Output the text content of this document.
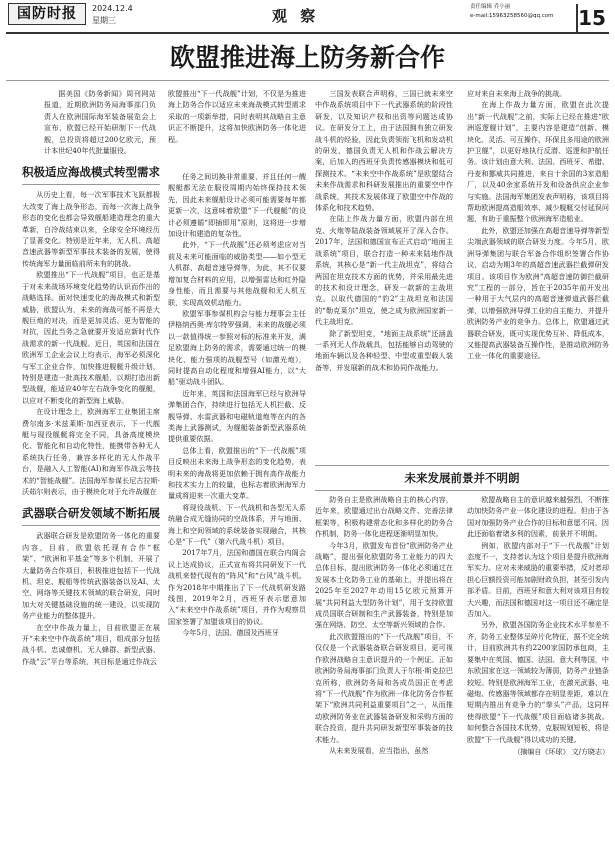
国防时报	2024.12.4
星期三	观 察	责任编辑 乔小丽
e-mail:15963258560@qq.com 15
欧盟推进海上防务新合作

据美国《防务新闻》周刊网站报道，近期欧洲防务局海事部门负责人在欧洲国际海军装备展览会上宣布，欧盟已经开始研制下一代战舰，总投资将超过200亿欧元，预计本世纪40年代批量服役。

积极适应海战模式转型需求

从历史上看，每一次军事技术飞跃都极大改变了海上战争形态，而每一次海上战争形态的变化也都会导致舰船建造理念的重大革新，白冷战结束以来，全球安全环境经历了显著变化。特别是近年来，无人机、高超音速武器等新型军事技术装备的发展，使得传统海军力量面临前所未有的挑战。

欧盟推出“下一代战舰”项目，也正是基于对未来战场环境变化趋势的认识而作出的战略选择。面对快速变化的海战模式和新型威胁，欧盟认为，未来的海战可能不再是大舰巨炮的对决，而是更加灵活、更为智能的对抗，因此当务之急就要开发适应新时代作战需求的新一代战舰。近日，英国和法国在欧洲军工企业会议上均表示，海军必须深化与军工企业合作，加快推进舰艇升级计划，特别是建造一批高技术舰船，以期打造出新型战舰，能适应40年左右战争变化的舰艇，以应对不断变化的新型海上威胁。

在设计理念上，欧洲海军工业集团主席费尔南多·米兹莱斯·加西亚表示，下一代舰艇与现役舰艇将完全不同，具备高度模块化、智能化和自动化特性，能携带各种无人系统执行任务，兼容多样化的无人作战平台，是融入人工智能(AI)和海军作战云等技术的“智能战舰”。法国海军参谋长尼古拉斯·沃茹尔则表示，由于模块化对于允许战舰在

武器联合研发领域不断拓展

武器联合研发是欧盟防务一体化的重要内容，目前，欧盟依托现有合作“框架”、“欧洲和平基金”等多个机制，开展了大量防务合作项目，积极推进包括下一代战机、坦克、舰船等传统武器装备以及AI、太空、网络等关键技术领域的联合研发，同时加大对关键基础设施的统一建设，以实现防务产业能力的整体提升。

在空中作战力量上，目前欧盟正在展开“未来空中作战系统”项目，组成部分包括战斗机、忠诚僚机、无人蜂群、新型武器、作战“云”平台等系统，其目标是通过作战云

欧盟推出“下一代战舰”计划，不仅是为推进海上防务合作以适应未来海战模式转型需求采取的一项新举措，同时表明其战略自主意识正不断提升，这将加快欧洲防务一体化进程。

任务之间切换非常重要，并且任何一艘舰艇都无法在服役周期内始终保持技术领先，因此未来舰船设计必须可能需要每年都更新一次，这意味着欧盟“下一代舰艇”的设计必须遵循“即插即用”原则，这将进一步增加设计和建造的复杂性。

此外，“下一代战舰”还必须考虑应对当前及未来可能面临的威胁类型——如小型无人机群、高超音速导弹等，为此，其不仅要增加复合材料的应用，以增强雷达和红外隐身性能，而且需要与其他战舰和无人机互联，实现高效机动能力。

欧盟军事参谋机构会与能力理事会主任伊格纳西奥·库尔特罗强调，未来的战舰必须以一款值得统一参照对标的标准来开发，满足欧盟海上防务的需求，需要通过统一的模块化、能力强项的战舰型号（如激光炮），同时提高自动化程度和增强AI能力，以“大船”驱动战斗团队。

近年来，英国和法国海军已经与欧洲导弹集团合作，持续进行包括无人机拦截、反舰导弹、水雷武器和电磁轨道炮等在内的各类海上武器测试，为舰艇装备新型武器系统提供重要依据。

总体上看，欧盟推出的“下一代战舰”项目反映出未来海上战争形态的变化趋势，表明未来的海战将更加依赖于拥有高作战能力和技术实力上的较量，也标志着欧洲海军力量成将迎来一次重大变革。

将现役战机、下一代战机和各型无人系统融合成无缝协同的空战体系，并与地面、海上和空间领域的系统装备实现融合，其核心是“下一代”（第六代战斗机）项目。

2017年7月，法国和德国在联合内阁会议上达成协议，正式宣布将共同研发下一代战机来替代现有的“阵风”和“台风”战斗机。作为2018年中期推出了下一代战机研发路线图，2019年2月，西班牙表示愿意加入“未来空中作战系统”项目，并作为观察员国家签署了加盟该项目的协议。

今年5月，法国、德国及西班牙

三国发表联合声明称，三国已就未来空中作战系统项目中下一代武器系统的阶段性研发，以及知识产权和出资等问题达成协议。在研发分工上，由于法国拥有独立研发战斗机的经验，因此负责领衔飞机和发动机的研发，德国负责无人机和作战云解决方案，后加入的西班牙负责传感器模块和低可探测技术。“未来空中作战系统”是欧盟结合未来作战需求和科研发展推出的重要空中作战系统，其技术发展体现了欧盟空中作战的体系化和技术趋势。

在陆上作战力量方面，欧盟内部在坦克、火炮等陆战装备领域展开了深入合作。2017年，法国和德国宣布正式启动“地面主战系统”项目，联合打造一种未来陆地作战系统，其核心是“新一代主战坦克”，将结合两国在坦克技术方面的优势，并采用最先进的技术和设计理念，研发一款新的主战坦克。以取代德国的“豹2”主战坦克和法国的“勒克莱尔”坦克，使之成为欧洲国家新一代主战坦克。

除了新型坦克，“地面主战系统”还涵盖一系列无人作战载具，包括能够自动驾驶的地面车辆以及各种轻型、中型或重型载人装备等，并发展新的战术和协同作战能力。

未来发展前景并不明朗

防务自主是欧洲战略自主的核心内容，近年来，欧盟通过出台战略文件、完善法律框架等，积极构建常态化和多样化的防务合作机制，防务一体化进程逐渐明显加快。

今年3月，欧盟发布首份“欧洲防务产业战略”，提出强化欧盟防务工业能力的四大总体目标，提出欧洲防务一体化必须通过在发展本土化防务工业的基础上，并提出将在2025年至2027年动用15亿欧元预算开展“共同利益大型防务计划”，用于支持欧盟成员国联合研制和生产武器装备，特别是加强在网络、防空、太空等新兴领域的合作。

此次欧盟推出的“下一代战舰”项目，不仅仅是一个武器装备联合研发项目，更可视作欧洲战略自主意识提升的一个例证。正如欧洲防务局海事部门负责人于尔根·斯克拉巴克所称，欧洲防务局和各成员国正在考虑将“下一代战舰”作为欧洲一体化防务合作框架下“欧洲共同利益重要项目”之一，从而推动欧洲防务业在武器装备研发和采购方面的联合投资，提升共同研发新型军事装备的技术能力。

从未来发展看，应当指出，虽然

应对来自未来海上战争的挑战。

在海上作战力量方面，欧盟在此次提出“新一代战舰”之前，实际上已经在推进“欧洲巡逻舰计划”，主要内容是建造“创新、模块化、灵活、可互操作、环保且多用途的欧洲护卫舰”，以更好地执行反潜、巡逻和护航任务。该计划由意大利、法国、西班牙、希腊、丹麦和挪威共同推进，来自十余国的3家造船厂，以及40余家系统开发和设备供应企业参与实施。法国海军集团发表声明称，该项目将帮助欧洲提高造船效率、减少舰艇交付延误问题，有助于重振整个欧洲海军造船业。

此外，欧盟还加强在高超音速导弹等新型尖端武器领域的联合研发力度。今年5月，欧洲导弹集团与联合军备合作组织签署合作协议，启动为期3年的高超音速武器拦截弹研发项目。该项目作为欧洲“高超音速防御拦截研究”工程的一部分，旨在于2035年前开发出一种用于大气层内的高超音速弹道武器拦截弹，以增强欧洲导弹工业的自主能力，并提升欧洲防务产业的竞争力。总体上，欧盟通过武器联合研发，既可实现优势互补、降低成本，又能提高武器装备互操作性，是推动欧洲防务工业一体化的重要途径。

欧盟战略自主的意识越来越强烈，不断推动加快防务产业一体化建设的进程。但由于各国对加强防务产业合作的目标和意愿不同，因此还面临着诸多利的因素，前景并不明朗。

例如，欧盟内部对于“下一代战舰”计划态度不一，支持者认为这个项目是提升欧洲海军实力、应对未来威胁的重要举措，反对者却担心巨额投资可能加剧财政负担，甚至引发内部矛盾。目前，西班牙和意大利对该项目有较大兴趣，而法国和德国对这一项目还不确定是否加入。

另外，欧盟各国防务企业技术水平参差不齐，防务工业整体呈碎片化特征，据不完全统计，目前欧洲共有约2200家国防承包商，主要集中在英国、德国、法国、意大利等国，中东欧国家在这一领域较为薄弱，防务产业链条较短。特别是欧洲海军工业，在激光武器、电磁炮、传感器等领域都存在明显差距，难以在短期内推出有竞争力的“拳头”产品，这同样使得欧盟“下一代战舰”项目面临诸多挑战。如何整合各国技术优势，克服规划短板，将是欧盟“下一代战舰”得以成功的关键。

（摘编自《环球》 文/方晓志）
